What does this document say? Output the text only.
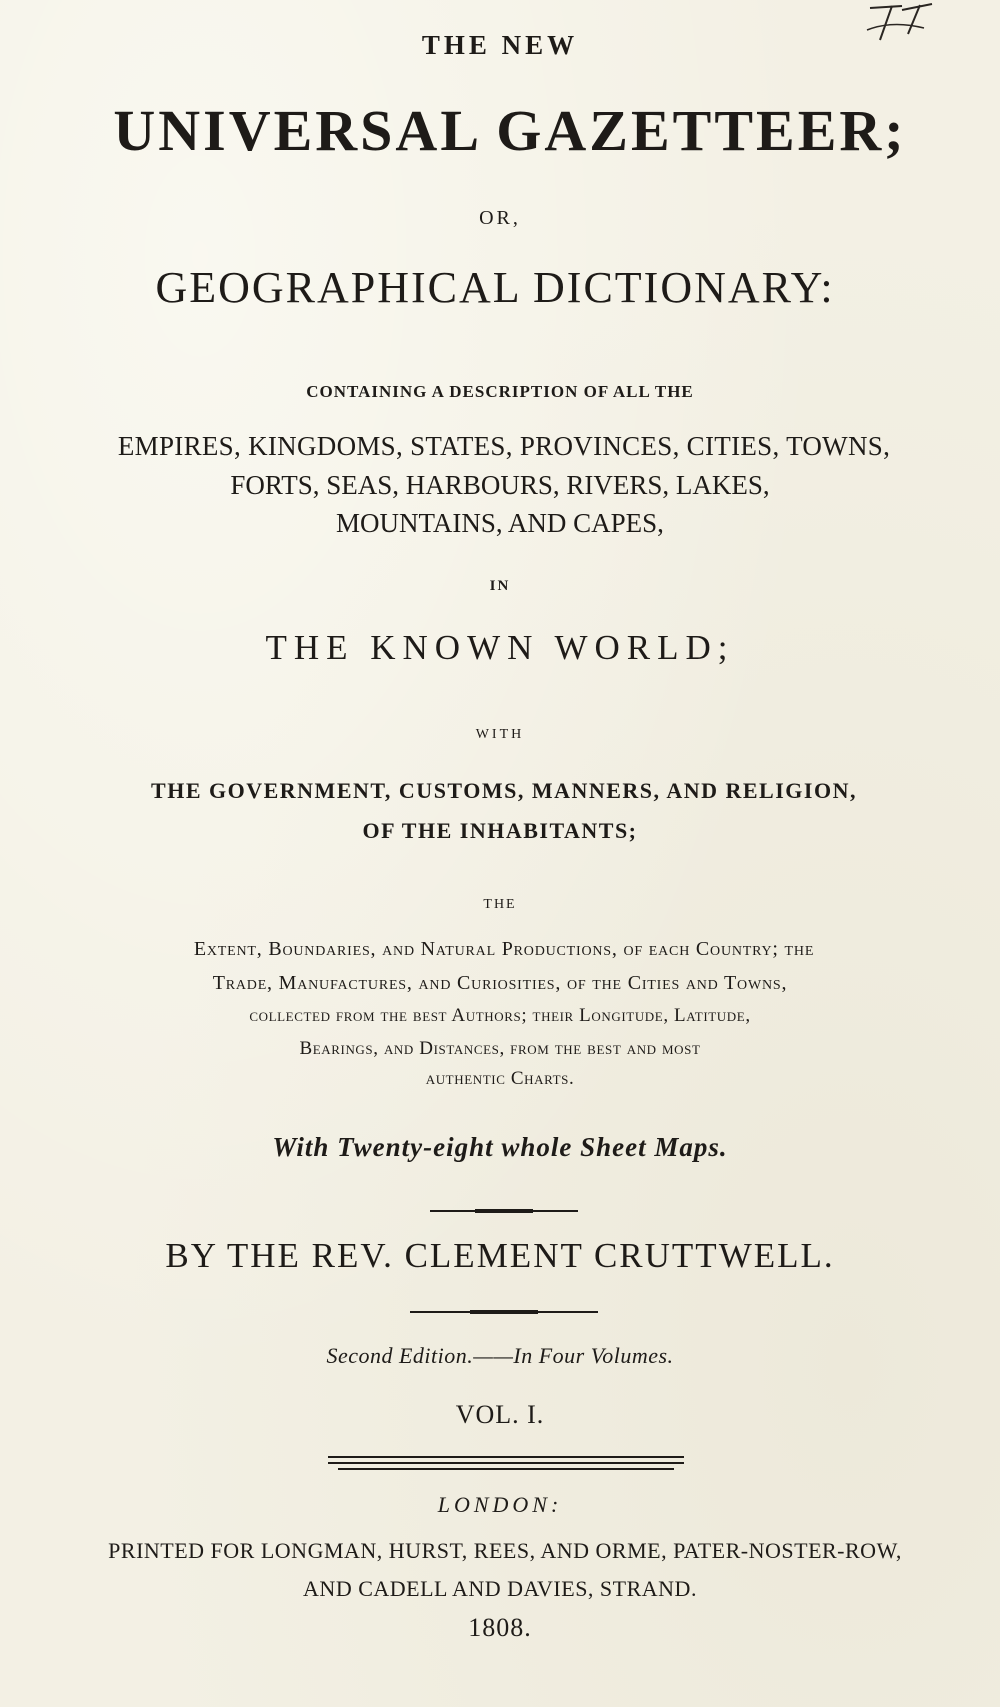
THE NEW

UNIVERSAL GAZETTEER;

OR,

GEOGRAPHICAL DICTIONARY:

CONTAINING A DESCRIPTION OF ALL THE

EMPIRES, KINGDOMS, STATES, PROVINCES, CITIES, TOWNS,

FORTS, SEAS, HARBOURS, RIVERS, LAKES,

MOUNTAINS, AND CAPES,

IN

THE KNOWN WORLD;

WITH

THE GOVERNMENT, CUSTOMS, MANNERS, AND RELIGION,

OF THE INHABITANTS;

THE

Extent, Boundaries, and Natural Productions, of each Country; the

Trade, Manufactures, and Curiosities, of the Cities and Towns,

collected from the best Authors; their Longitude, Latitude,

Bearings, and Distances, from the best and most

authentic Charts.

With Twenty-eight whole Sheet Maps.

BY THE REV. CLEMENT CRUTTWELL.

Second Edition.——In Four Volumes.

VOL. I.

LONDON:

PRINTED FOR LONGMAN, HURST, REES, AND ORME, PATER-NOSTER-ROW,

AND CADELL AND DAVIES, STRAND.

1808.
